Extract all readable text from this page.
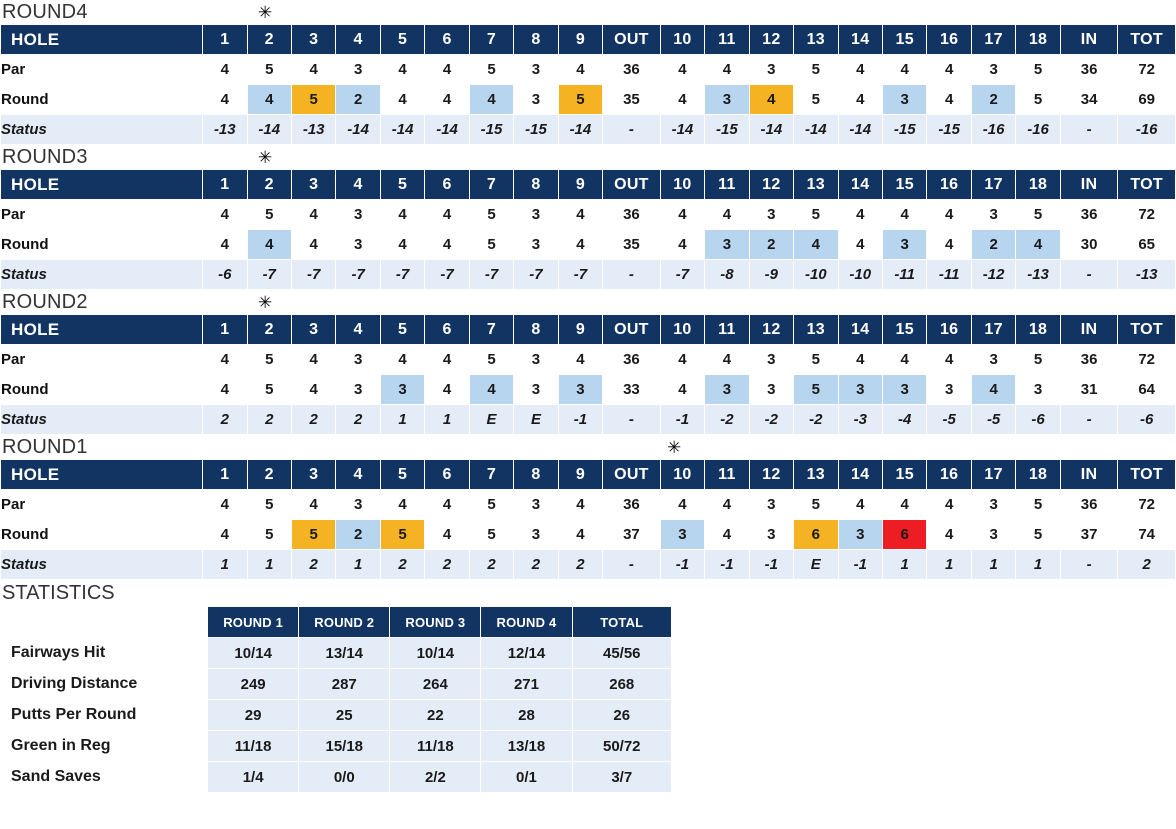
ROUND4	✳
HOLE	1	2	3	4	5	6	7	8	9	OUT	10	11	12	13	14	15	16	17	18	IN	TOT
Par	4	5	4	3	4	4	5	3	4	36	4	4	3	5	4	4	4	3	5	36	72
Round	4	4	5	2	4	4	4	3	5	35	4	3	4	5	4	3	4	2	5	34	69
Status	-13	-14	-13	-14	-14	-14	-15	-15	-14	-	-14	-15	-14	-14	-14	-15	-15	-16	-16	-	-16
ROUND3	✳
HOLE	1	2	3	4	5	6	7	8	9	OUT	10	11	12	13	14	15	16	17	18	IN	TOT
Par	4	5	4	3	4	4	5	3	4	36	4	4	3	5	4	4	4	3	5	36	72
Round	4	4	4	3	4	4	5	3	4	35	4	3	2	4	4	3	4	2	4	30	65
Status	-6	-7	-7	-7	-7	-7	-7	-7	-7	-	-7	-8	-9	-10	-10	-11	-11	-12	-13	-	-13
ROUND2	✳
HOLE	1	2	3	4	5	6	7	8	9	OUT	10	11	12	13	14	15	16	17	18	IN	TOT
Par	4	5	4	3	4	4	5	3	4	36	4	4	3	5	4	4	4	3	5	36	72
Round	4	5	4	3	3	4	4	3	3	33	4	3	3	5	3	3	3	4	3	31	64
Status	2	2	2	2	1	1	E	E	-1	-	-1	-2	-2	-2	-3	-4	-5	-5	-6	-	-6
ROUND1	✳
HOLE	1	2	3	4	5	6	7	8	9	OUT	10	11	12	13	14	15	16	17	18	IN	TOT
Par	4	5	4	3	4	4	5	3	4	36	4	4	3	5	4	4	4	3	5	36	72
Round	4	5	5	2	5	4	5	3	4	37	3	4	3	6	3	6	4	3	5	37	74
Status	1	1	2	1	2	2	2	2	2	-	-1	-1	-1	E	-1	1	1	1	1	-	2
STATISTICS
	ROUND 1	ROUND 2	ROUND 3	ROUND 4	TOTAL
Fairways Hit	10/14	13/14	10/14	12/14	45/56
Driving Distance	249	287	264	271	268
Putts Per Round	29	25	22	28	26
Green in Reg	11/18	15/18	11/18	13/18	50/72
Sand Saves	1/4	0/0	2/2	0/1	3/7
